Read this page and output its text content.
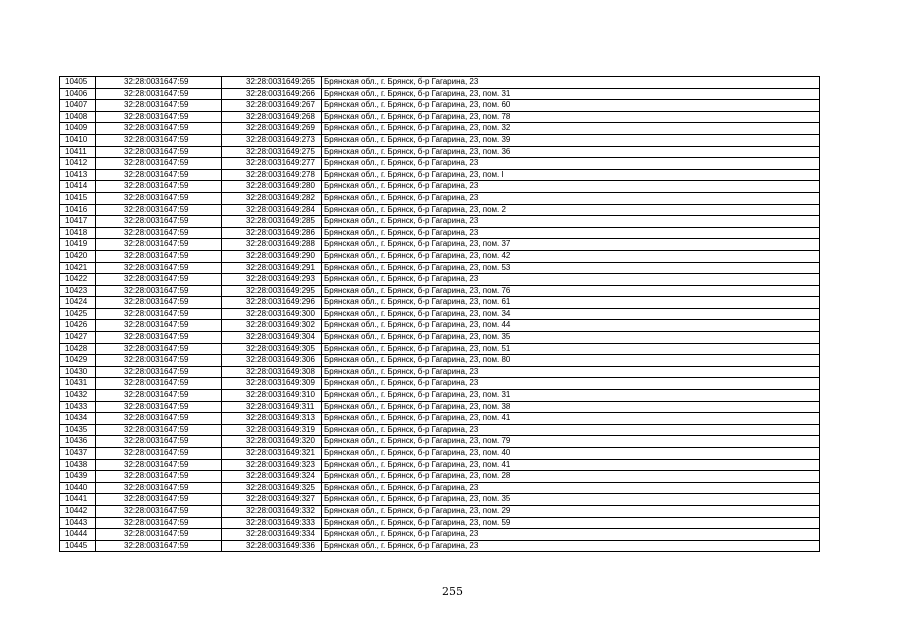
10405	32:28:0031647:59	32:28:0031649:265	Брянская обл., г. Брянск, б-р Гагарина, 23
10406	32:28:0031647:59	32:28:0031649:266	Брянская обл., г. Брянск, б-р Гагарина, 23, пом. 31
10407	32:28:0031647:59	32:28:0031649:267	Брянская обл., г. Брянск, б-р Гагарина, 23, пом. 60
10408	32:28:0031647:59	32:28:0031649:268	Брянская обл., г. Брянск, б-р Гагарина, 23, пом. 78
10409	32:28:0031647:59	32:28:0031649:269	Брянская обл., г. Брянск, б-р Гагарина, 23, пом. 32
10410	32:28:0031647:59	32:28:0031649:273	Брянская обл., г. Брянск, б-р Гагарина, 23, пом. 39
10411	32:28:0031647:59	32:28:0031649:275	Брянская обл., г. Брянск, б-р Гагарина, 23, пом. 36
10412	32:28:0031647:59	32:28:0031649:277	Брянская обл., г. Брянск, б-р Гагарина, 23
10413	32:28:0031647:59	32:28:0031649:278	Брянская обл., г. Брянск, б-р Гагарина, 23, пом. I
10414	32:28:0031647:59	32:28:0031649:280	Брянская обл., г. Брянск, б-р Гагарина, 23
10415	32:28:0031647:59	32:28:0031649:282	Брянская обл., г. Брянск, б-р Гагарина, 23
10416	32:28:0031647:59	32:28:0031649:284	Брянская обл., г. Брянск, б-р Гагарина, 23, пом. 2
10417	32:28:0031647:59	32:28:0031649:285	Брянская обл., г. Брянск, б-р Гагарина, 23
10418	32:28:0031647:59	32:28:0031649:286	Брянская обл., г. Брянск, б-р Гагарина, 23
10419	32:28:0031647:59	32:28:0031649:288	Брянская обл., г. Брянск, б-р Гагарина, 23, пом. 37
10420	32:28:0031647:59	32:28:0031649:290	Брянская обл., г. Брянск, б-р Гагарина, 23, пом. 42
10421	32:28:0031647:59	32:28:0031649:291	Брянская обл., г. Брянск, б-р Гагарина, 23, пом. 53
10422	32:28:0031647:59	32:28:0031649:293	Брянская обл., г. Брянск, б-р Гагарина, 23
10423	32:28:0031647:59	32:28:0031649:295	Брянская обл., г. Брянск, б-р Гагарина, 23, пом. 76
10424	32:28:0031647:59	32:28:0031649:296	Брянская обл., г. Брянск, б-р Гагарина, 23, пом. 61
10425	32:28:0031647:59	32:28:0031649:300	Брянская обл., г. Брянск, б-р Гагарина, 23, пом. 34
10426	32:28:0031647:59	32:28:0031649:302	Брянская обл., г. Брянск, б-р Гагарина, 23, пом. 44
10427	32:28:0031647:59	32:28:0031649:304	Брянская обл., г. Брянск, б-р Гагарина, 23, пом. 35
10428	32:28:0031647:59	32:28:0031649:305	Брянская обл., г. Брянск, б-р Гагарина, 23, пом. 51
10429	32:28:0031647:59	32:28:0031649:306	Брянская обл., г. Брянск, б-р Гагарина, 23, пом. 80
10430	32:28:0031647:59	32:28:0031649:308	Брянская обл., г. Брянск, б-р Гагарина, 23
10431	32:28:0031647:59	32:28:0031649:309	Брянская обл., г. Брянск, б-р Гагарина, 23
10432	32:28:0031647:59	32:28:0031649:310	Брянская обл., г. Брянск, б-р Гагарина, 23, пом. 31
10433	32:28:0031647:59	32:28:0031649:311	Брянская обл., г. Брянск, б-р Гагарина, 23, пом. 38
10434	32:28:0031647:59	32:28:0031649:313	Брянская обл., г. Брянск, б-р Гагарина, 23, пом. 41
10435	32:28:0031647:59	32:28:0031649:319	Брянская обл., г. Брянск, б-р Гагарина, 23
10436	32:28:0031647:59	32:28:0031649:320	Брянская обл., г. Брянск, б-р Гагарина, 23, пом. 79
10437	32:28:0031647:59	32:28:0031649:321	Брянская обл., г. Брянск, б-р Гагарина, 23, пом. 40
10438	32:28:0031647:59	32:28:0031649:323	Брянская обл., г. Брянск, б-р Гагарина, 23, пом. 41
10439	32:28:0031647:59	32:28:0031649:324	Брянская обл., г. Брянск, б-р Гагарина, 23, пом. 28
10440	32:28:0031647:59	32:28:0031649:325	Брянская обл., г. Брянск, б-р Гагарина, 23
10441	32:28:0031647:59	32:28:0031649:327	Брянская обл., г. Брянск, б-р Гагарина, 23, пом. 35
10442	32:28:0031647:59	32:28:0031649:332	Брянская обл., г. Брянск, б-р Гагарина, 23, пом. 29
10443	32:28:0031647:59	32:28:0031649:333	Брянская обл., г. Брянск, б-р Гагарина, 23, пом. 59
10444	32:28:0031647:59	32:28:0031649:334	Брянская обл., г. Брянск, б-р Гагарина, 23
10445	32:28:0031647:59	32:28:0031649:336	Брянская обл., г. Брянск, б-р Гагарина, 23
255
